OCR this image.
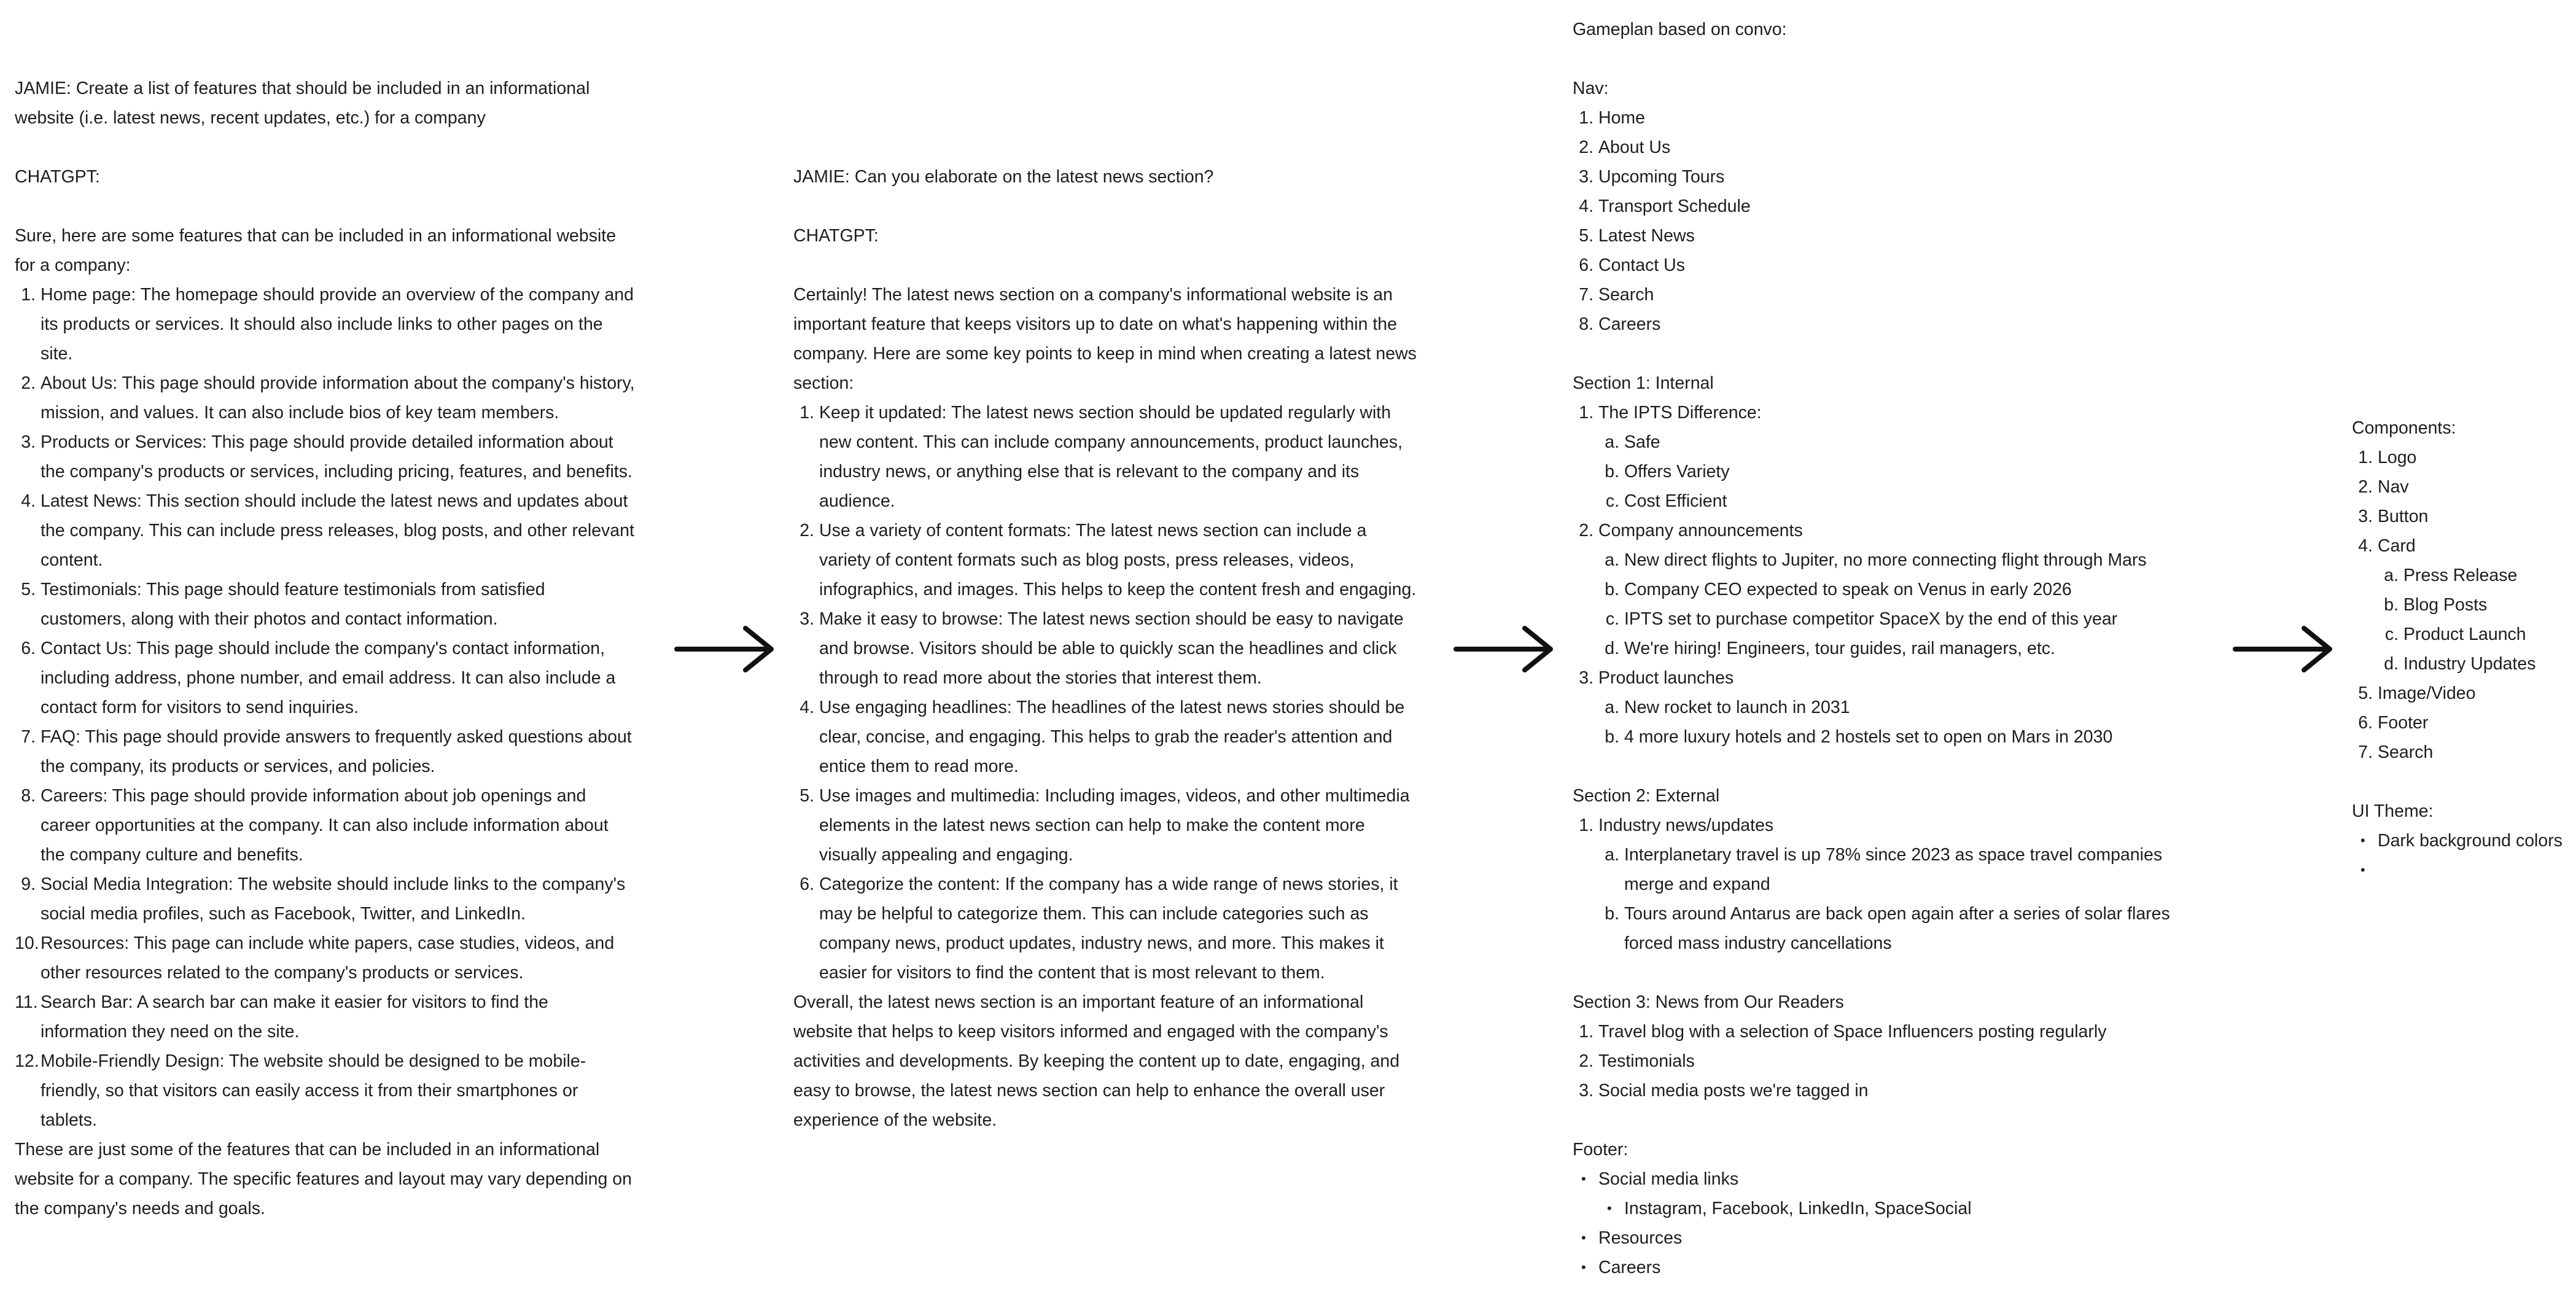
JAMIE: Create a list of features that should be included in an informational
website (i.e. latest news, recent updates, etc.) for a company

CHATGPT:

Sure, here are some features that can be included in an informational website
for a company:

Home page: The homepage should provide an overview of the company and
its products or services. It should also include links to other pages on the
site.
About Us: This page should provide information about the company's history,
mission, and values. It can also include bios of key team members.
Products or Services: This page should provide detailed information about
the company's products or services, including pricing, features, and benefits.
Latest News: This section should include the latest news and updates about
the company. This can include press releases, blog posts, and other relevant
content.
Testimonials: This page should feature testimonials from satisfied
customers, along with their photos and contact information.
Contact Us: This page should include the company's contact information,
including address, phone number, and email address. It can also include a
contact form for visitors to send inquiries.
FAQ: This page should provide answers to frequently asked questions about
the company, its products or services, and policies.
Careers: This page should provide information about job openings and
career opportunities at the company. It can also include information about
the company culture and benefits.
Social Media Integration: The website should include links to the company's
social media profiles, such as Facebook, Twitter, and LinkedIn.
Resources: This page can include white papers, case studies, videos, and
other resources related to the company's products or services.
Search Bar: A search bar can make it easier for visitors to find the
information they need on the site.
Mobile-Friendly Design: The website should be designed to be mobile-
friendly, so that visitors can easily access it from their smartphones or
tablets.

These are just some of the features that can be included in an informational
website for a company. The specific features and layout may vary depending on
the company's needs and goals.

JAMIE: Can you elaborate on the latest news section?

CHATGPT:

Certainly! The latest news section on a company's informational website is an
important feature that keeps visitors up to date on what's happening within the
company. Here are some key points to keep in mind when creating a latest news
section:

Keep it updated: The latest news section should be updated regularly with
new content. This can include company announcements, product launches,
industry news, or anything else that is relevant to the company and its
audience.
Use a variety of content formats: The latest news section can include a
variety of content formats such as blog posts, press releases, videos,
infographics, and images. This helps to keep the content fresh and engaging.
Make it easy to browse: The latest news section should be easy to navigate
and browse. Visitors should be able to quickly scan the headlines and click
through to read more about the stories that interest them.
Use engaging headlines: The headlines of the latest news stories should be
clear, concise, and engaging. This helps to grab the reader's attention and
entice them to read more.
Use images and multimedia: Including images, videos, and other multimedia
elements in the latest news section can help to make the content more
visually appealing and engaging.
Categorize the content: If the company has a wide range of news stories, it
may be helpful to categorize them. This can include categories such as
company news, product updates, industry news, and more. This makes it
easier for visitors to find the content that is most relevant to them.

Overall, the latest news section is an important feature of an informational
website that helps to keep visitors informed and engaged with the company's
activities and developments. By keeping the content up to date, engaging, and
easy to browse, the latest news section can help to enhance the overall user
experience of the website.

Gameplan based on convo:

Nav:

Home
About Us
Upcoming Tours
Transport Schedule
Latest News
Contact Us
Search
Careers

Section 1: Internal

The IPTS Difference:
Safe
Offers Variety
Cost Efficient
Company announcements
New direct flights to Jupiter, no more connecting flight through Mars
Company CEO expected to speak on Venus in early 2026
IPTS set to purchase competitor SpaceX by the end of this year
We're hiring! Engineers, tour guides, rail managers, etc.
Product launches
New rocket to launch in 2031
4 more luxury hotels and 2 hostels set to open on Mars in 2030

Section 2: External

Industry news/updates
Interplanetary travel is up 78% since 2023 as space travel companies
merge and expand
Tours around Antarus are back open again after a series of solar flares
forced mass industry cancellations

Section 3: News from Our Readers

Travel blog with a selection of Space Influencers posting regularly
Testimonials
Social media posts we're tagged in

Footer:

• Social media links
• Instagram, Facebook, LinkedIn, SpaceSocial
• Resources
• Careers

Components:

Logo
Nav
Button
Card
Press Release
Blog Posts
Product Launch
Industry Updates
Image/Video
Footer
Search

UI Theme:

• Dark background colors
•
